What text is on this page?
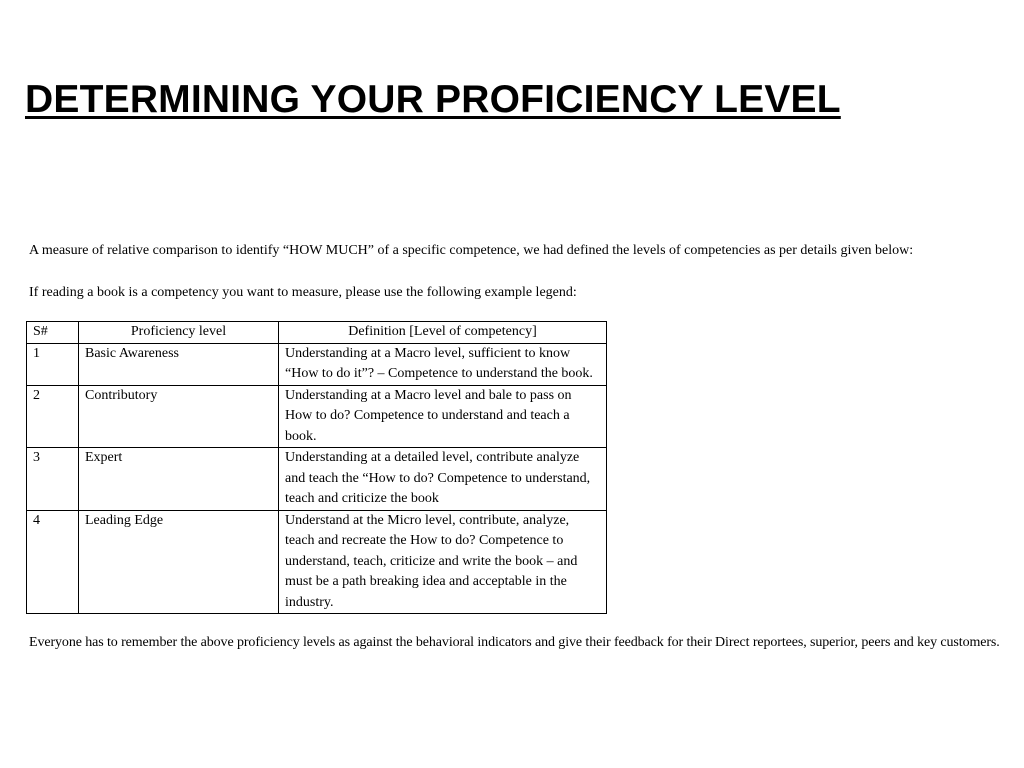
DETERMINING YOUR PROFICIENCY LEVEL

A measure of relative comparison to identify “HOW MUCH” of a specific competence, we had defined the levels of competencies as per details given below:

If reading a book is a competency you want to measure, please use the following example legend:

S#	Proficiency level	Definition [Level of competency]
1	Basic Awareness	Understanding at a Macro level, sufficient to know “How to do it”? – Competence to understand the book.
2	Contributory	Understanding at a Macro level and bale to pass on How to do? Competence to understand and teach a book.
3	Expert	Understanding at a detailed level, contribute analyze and teach the “How to do? Competence to understand, teach and criticize the book
4	Leading Edge	Understand at the Micro level, contribute, analyze, teach and recreate the How to do? Competence to understand, teach, criticize and write the book – and must be a path breaking idea and acceptable in the industry.

Everyone has to remember the above proficiency levels as against the behavioral indicators and give their feedback for their Direct reportees, superior, peers and key customers.
